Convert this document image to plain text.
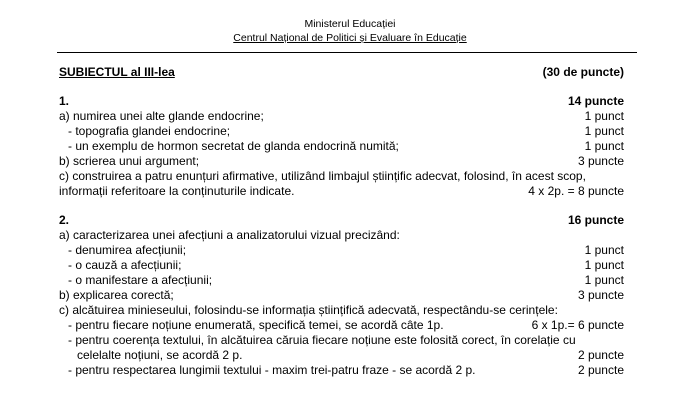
Ministerul Educației
Centrul Național de Politici și Evaluare în Educație
SUBIECTUL al III-lea	(30 de puncte)
1.	14 puncte
a) numirea unei alte glande endocrine;	1 punct
- topografia glandei endocrine;	1 punct
- un exemplu de hormon secretat de glanda endocrină numită;	1 punct
b) scrierea unui argument;	3 puncte
c) construirea a patru enunțuri afirmative, utilizând limbajul științific adecvat, folosind, în acest scop,
informații referitoare la conținuturile indicate.	4 x 2p. = 8 puncte
2.	16 puncte
a) caracterizarea unei afecțiuni a analizatorului vizual precizând:
- denumirea afecțiunii;	1 punct
- o cauză a afecțiunii;	1 punct
- o manifestare a afecțiunii;	1 punct
b) explicarea corectă;	3 puncte
c) alcătuirea minieseului, folosindu-se informația științifică adecvată, respectându-se cerințele:
- pentru fiecare noțiune enumerată, specifică temei, se acordă câte 1p.	6 x 1p.= 6 puncte
- pentru coerența textului, în alcătuirea căruia fiecare noțiune este folosită corect, în corelație cu
celelalte noțiuni, se acordă 2 p.	2 puncte
- pentru respectarea lungimii textului - maxim trei-patru fraze - se acordă 2 p.	2 puncte
